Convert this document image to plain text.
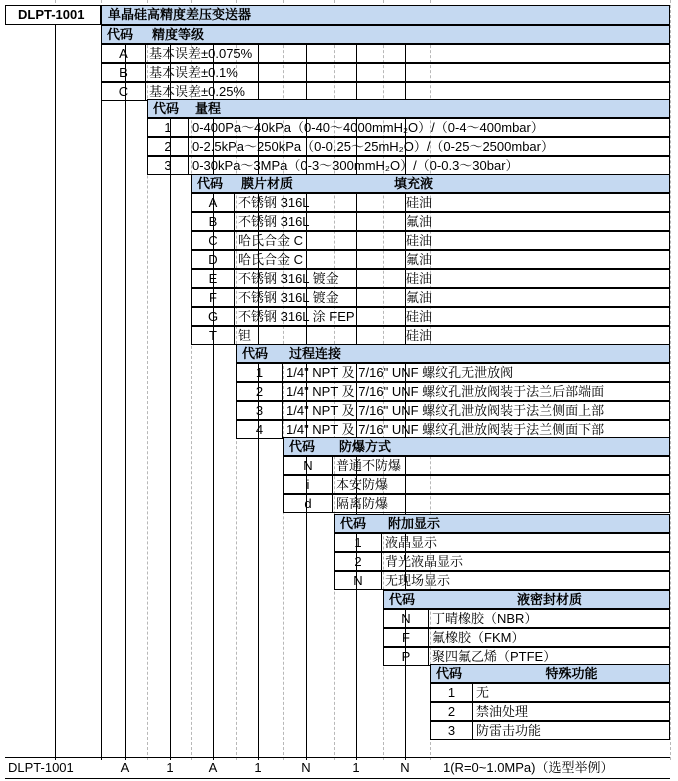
DLPT-1001	单晶硅高精度差压变送器
代码 精度等级
A	基本误差±0.075%
B	基本误差±0.1%
C	基本误差±0.25%
代码 量程
1	0-400Pa～40kPa（0-40～4000mmH₂O）/（0-4～400mbar）
2	0-2.5kPa～250kPa（0-0.25～25mH₂O）/（0-25～2500mbar）
3	0-30kPa～3MPa（0-3～300mmH₂O）/（0-0.3～30bar）
代码 膜片材质	填充液
A	不锈钢 316L	硅油
B	不锈钢 316L	氟油
C	哈氏合金 C	硅油
D	哈氏合金 C	氟油
E	不锈钢 316L 镀金	硅油
F	不锈钢 316L 镀金	氟油
G	不锈钢 316L 涂 FEP	硅油
T	钽	硅油
代码 过程连接
1	1/4" NPT 及 7/16" UNF 螺纹孔无泄放阀
2	1/4" NPT 及 7/16" UNF 螺纹孔泄放阀装于法兰后部端面
3	1/4" NPT 及 7/16" UNF 螺纹孔泄放阀装于法兰侧面上部
4	1/4" NPT 及 7/16" UNF 螺纹孔泄放阀装于法兰侧面下部
代码 防爆方式
N	普通不防爆
i	本安防爆
d	隔离防爆
代码 附加显示
1	液晶显示
2	背光液晶显示
N	无现场显示
代码	液密封材质
N	丁晴橡胶（NBR）
F	氟橡胶（FKM）
P	聚四氟乙烯（PTFE）
代码	特殊功能
1	无
2	禁油处理
3	防雷击功能
DLPT-1001	A	1	A	1	N	1	N	1(R=0~1.0MPa)（选型举例）
